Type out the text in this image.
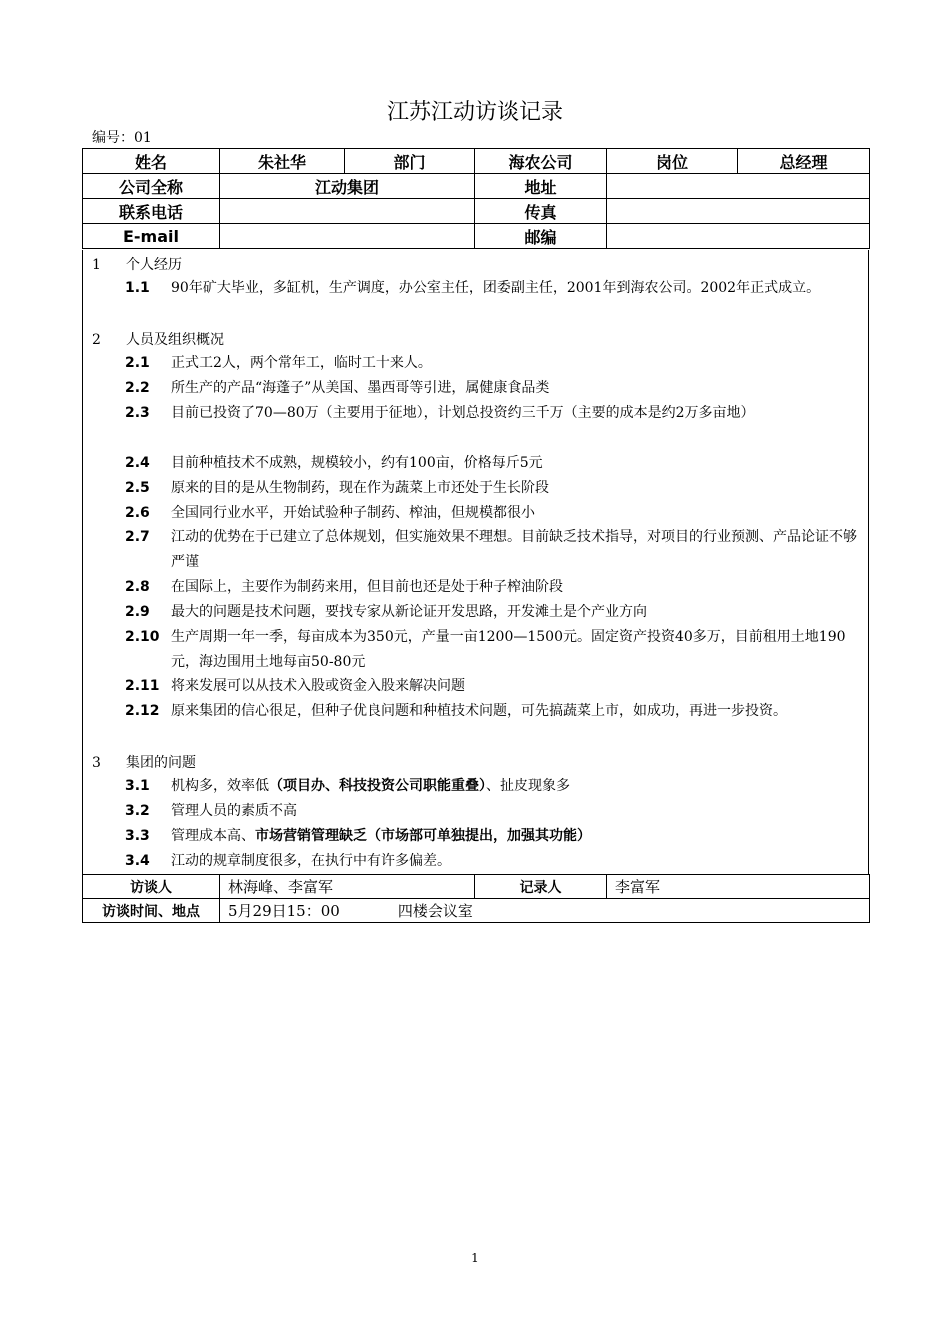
江苏江动访谈记录
编号：01
姓名	朱社华	部门	海农公司	岗位	总经理
公司全称	江动集团		地址		
联系电话			传真		
E-mail			邮编		
1 个人经历
1.1 90年矿大毕业，多缸机，生产调度，办公室主任，团委副主任，2001年到海农公司。2002年正式成立。
2 人员及组织概况
2.1 正式工2人，两个常年工，临时工十来人。
2.2 所生产的产品“海蓬子”从美国、墨西哥等引进，属健康食品类
2.3 目前已投资了70—80万（主要用于征地），计划总投资约三千万（主要的成本是约2万多亩地）
2.4 目前种植技术不成熟，规模较小，约有100亩，价格每斤5元
2.5 原来的目的是从生物制药，现在作为蔬菜上市还处于生长阶段
2.6 全国同行业水平，开始试验种子制药、榨油，但规模都很小
2.7 江动的优势在于已建立了总体规划，但实施效果不理想。目前缺乏技术指导，对项目的行业预测、产品论证不够严谨
2.8 在国际上，主要作为制药来用，但目前也还是处于种子榨油阶段
2.9 最大的问题是技术问题，要找专家从新论证开发思路，开发滩土是个产业方向
2.10 生产周期一年一季，每亩成本为350元，产量一亩1200—1500元。固定资产投资40多万，目前租用土地190元，海边围用土地每亩50-80元
2.11 将来发展可以从技术入股或资金入股来解决问题
2.12 原来集团的信心很足，但种子优良问题和种植技术问题，可先搞蔬菜上市，如成功，再进一步投资。
3 集团的问题
3.1 机构多，效率低（项目办、科技投资公司职能重叠）、扯皮现象多
3.2 管理人员的素质不高
3.3 管理成本高、市场营销管理缺乏（市场部可单独提出，加强其功能）
3.4 江动的规章制度很多，在执行中有许多偏差。
访谈人	林海峰、李富军	记录人	李富军
访谈时间、地点	5月29日15：00 四楼会议室		
1
